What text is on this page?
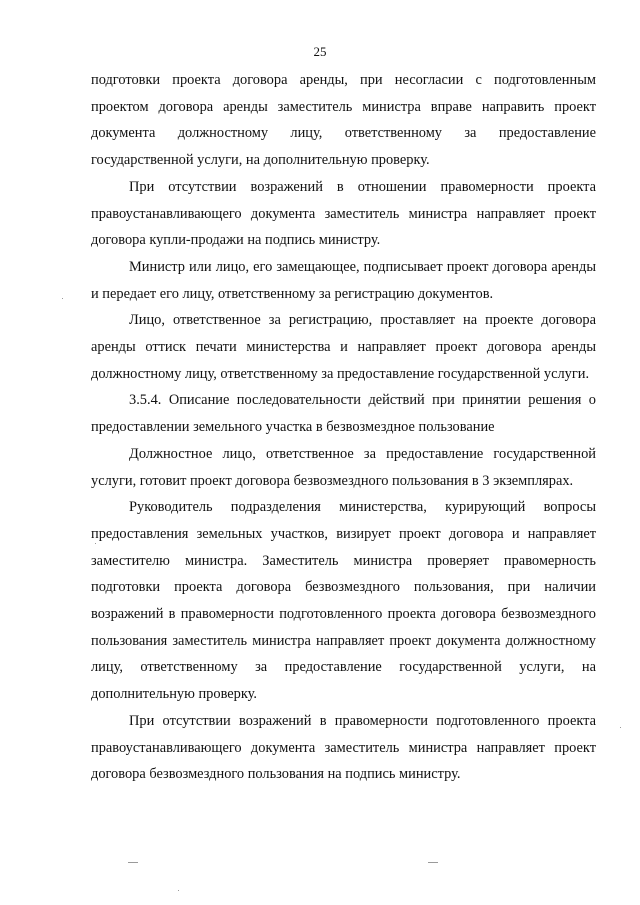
25

подготовки проекта договора аренды, при несогласии с подготовленным проектом договора аренды заместитель министра вправе направить проект документа должностному лицу, ответственному за предоставление государственной услуги, на дополнительную проверку.

При отсутствии возражений в отношении правомерности проекта правоустанавливающего документа заместитель министра направляет проект договора купли-продажи на подпись министру.

Министр или лицо, его замещающее, подписывает проект договора аренды и передает его лицу, ответственному за регистрацию документов.

Лицо, ответственное за регистрацию, проставляет на проекте договора аренды оттиск печати министерства и направляет проект договора аренды должностному лицу, ответственному за предоставление государственной услуги.

3.5.4. Описание последовательности действий при принятии решения о предоставлении земельного участка в безвозмездное пользование

Должностное лицо, ответственное за предоставление государственной услуги, готовит проект договора безвозмездного пользования в 3 экземплярах.

Руководитель подразделения министерства, курирующий вопросы предоставления земельных участков, визирует проект договора и направляет заместителю министра. Заместитель министра проверяет правомерность подготовки проекта договора безвозмездного пользования, при наличии возражений в правомерности подготовленного проекта договора безвозмездного пользования заместитель министра направляет проект документа должностному лицу, ответственному за предоставление государственной услуги, на дополнительную проверку.

При отсутствии возражений в правомерности подготовленного проекта правоустанавливающего документа заместитель министра направляет проект договора безвозмездного пользования на подпись министру.
